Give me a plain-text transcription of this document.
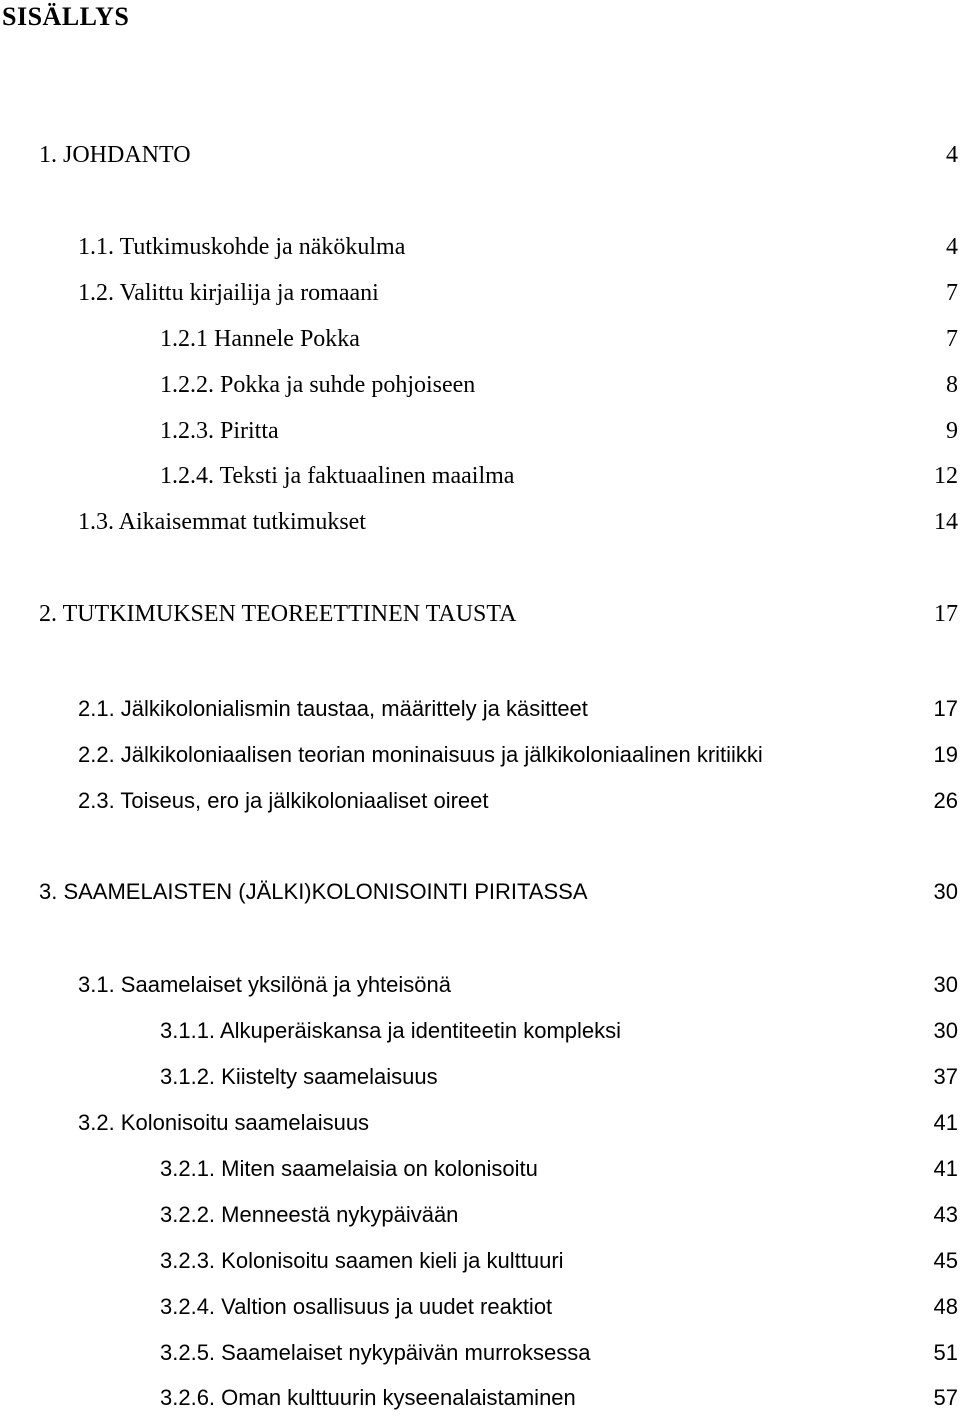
SISÄLLYS
1. JOHDANTO	4
1.1. Tutkimuskohde ja näkökulma	4
1.2. Valittu kirjailija ja romaani	7
1.2.1 Hannele Pokka	7
1.2.2. Pokka ja suhde pohjoiseen	8
1.2.3. Piritta	9
1.2.4. Teksti ja faktuaalinen maailma	12
1.3. Aikaisemmat tutkimukset	14
2. TUTKIMUKSEN TEOREETTINEN TAUSTA	17
2.1. Jälkikolonialismin taustaa, määrittely ja käsitteet	17
2.2. Jälkikoloniaalisen teorian moninaisuus ja jälkikoloniaalinen kritiikki	19
2.3. Toiseus, ero ja jälkikoloniaaliset oireet	26
3. SAAMELAISTEN (JÄLKI)KOLONISOINTI PIRITASSA	30
3.1. Saamelaiset yksilönä ja yhteisönä	30
3.1.1. Alkuperäiskansa ja identiteetin kompleksi	30
3.1.2. Kiistelty saamelaisuus	37
3.2. Kolonisoitu saamelaisuus	41
3.2.1. Miten saamelaisia on kolonisoitu	41
3.2.2. Menneestä nykypäivään	43
3.2.3. Kolonisoitu saamen kieli ja kulttuuri	45
3.2.4. Valtion osallisuus ja uudet reaktiot	48
3.2.5. Saamelaiset nykypäivän murroksessa	51
3.2.6. Oman kulttuurin kyseenalaistaminen	57
